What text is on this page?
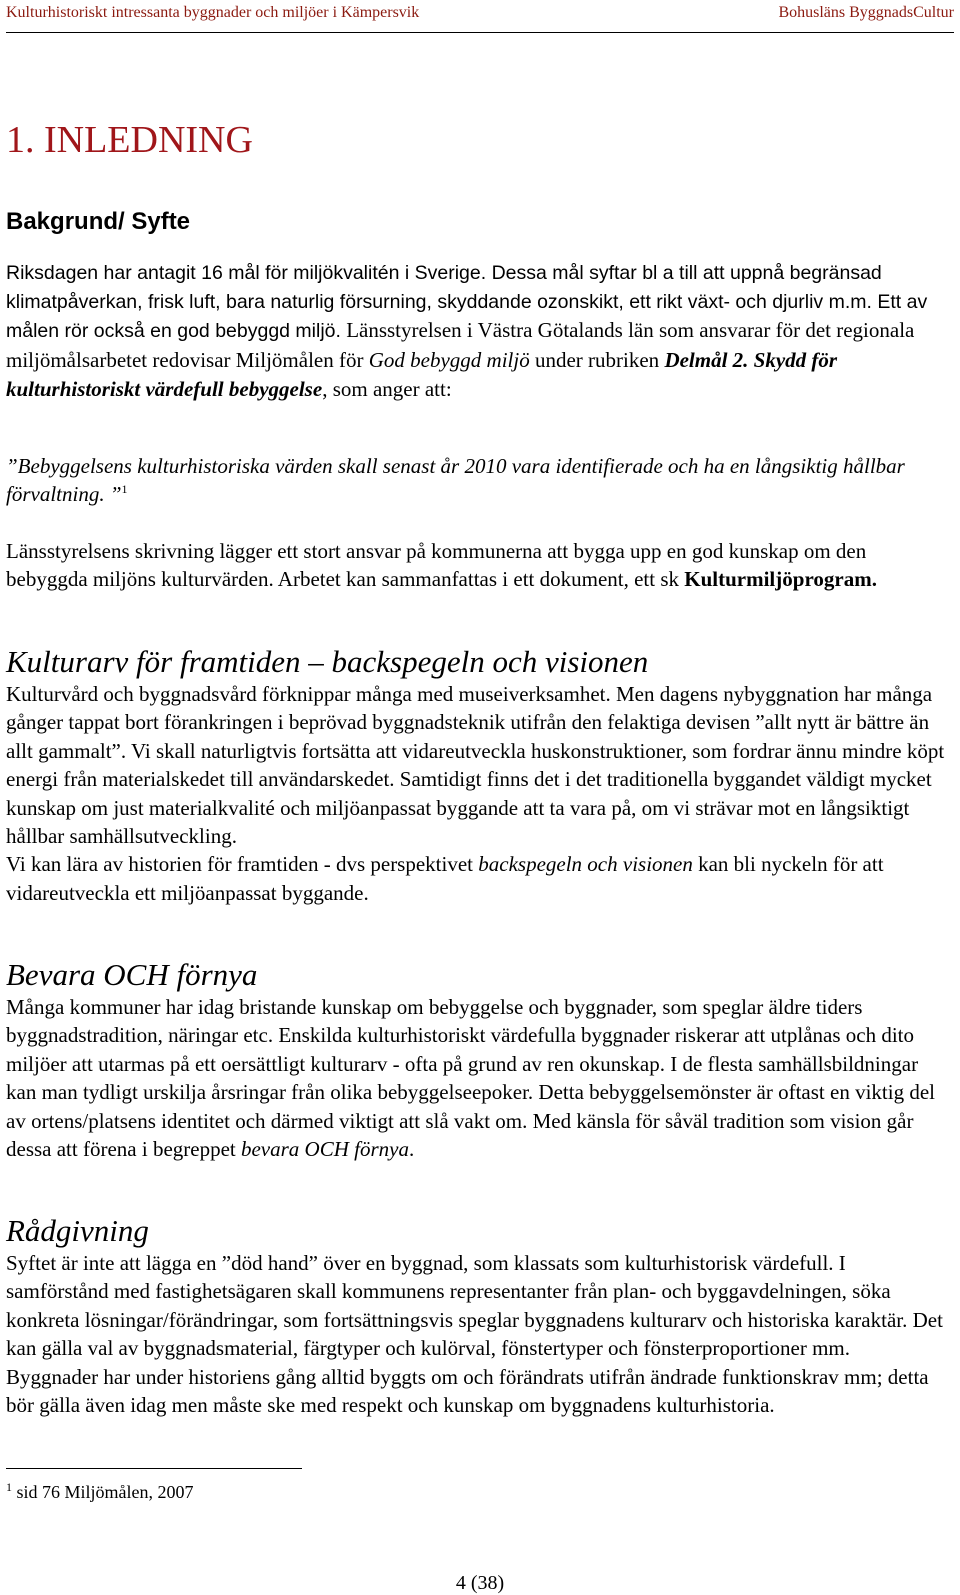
Kulturhistoriskt intressanta byggnader och miljöer i Kämpersvik	Bohusläns ByggnadsCultur
1. INLEDNING
Bakgrund/ Syfte

Riksdagen har antagit 16 mål för miljökvalitén i Sverige. Dessa mål syftar bl a till att uppnå begränsad klimatpåverkan, frisk luft, bara naturlig försurning, skyddande ozonskikt, ett rikt växt- och djurliv m.m. Ett av målen rör också en god bebyggd miljö. Länsstyrelsen i Västra Götalands län som ansvarar för det regionala miljömålsarbetet redovisar Miljömålen för God bebyggd miljö under rubriken Delmål 2. Skydd för kulturhistoriskt värdefull bebyggelse, som anger att:

”Bebyggelsens kulturhistoriska värden skall senast år 2010 vara identifierade och ha en långsiktig hållbar förvaltning. ”$^1$

Länsstyrelsens skrivning lägger ett stort ansvar på kommunerna att bygga upp en god kunskap om den bebyggda miljöns kulturvärden. Arbetet kan sammanfattas i ett dokument, ett sk Kulturmiljöprogram.

Kulturarv för framtiden – backspegeln och visionen

Kulturvård och byggnadsvård förknippar många med museiverksamhet. Men dagens nybyggnation har många gånger tappat bort förankringen i beprövad byggnadsteknik utifrån den felaktiga devisen ”allt nytt är bättre än allt gammalt”. Vi skall naturligtvis fortsätta att vidareutveckla huskonstruktioner, som fordrar ännu mindre köpt energi från materialskedet till användarskedet. Samtidigt finns det i det traditionella byggandet väldigt mycket kunskap om just materialkvalité och miljöanpassat byggande att ta vara på, om vi strävar mot en långsiktigt hållbar samhällsutveckling.
Vi kan lära av historien för framtiden - dvs perspektivet backspegeln och visionen kan bli nyckeln för att vidareutveckla ett miljöanpassat byggande.

Bevara OCH förnya

Många kommuner har idag bristande kunskap om bebyggelse och byggnader, som speglar äldre tiders byggnadstradition, näringar etc. Enskilda kulturhistoriskt värdefulla byggnader riskerar att utplånas och dito miljöer att utarmas på ett oersättligt kulturarv - ofta på grund av ren okunskap. I de flesta samhällsbildningar kan man tydligt urskilja årsringar från olika bebyggelseepoker. Detta bebyggelsemönster är oftast en viktig del av ortens/platsens identitet och därmed viktigt att slå vakt om. Med känsla för såväl tradition som vision går dessa att förena i begreppet bevara OCH förnya.

Rådgivning

Syftet är inte att lägga en ”död hand” över en byggnad, som klassats som kulturhistorisk värdefull. I samförstånd med fastighetsägaren skall kommunens representanter från plan- och byggavdelningen, söka konkreta lösningar/förändringar, som fortsättningsvis speglar byggnadens kulturarv och historiska karaktär. Det kan gälla val av byggnadsmaterial, färgtyper och kulörval, fönstertyper och fönsterproportioner mm. Byggnader har under historiens gång alltid byggts om och förändrats utifrån ändrade funktionskrav mm; detta bör gälla även idag men måste ske med respekt och kunskap om byggnadens kulturhistoria.

$^1$ sid 76 Miljömålen, 2007
4 (38)
